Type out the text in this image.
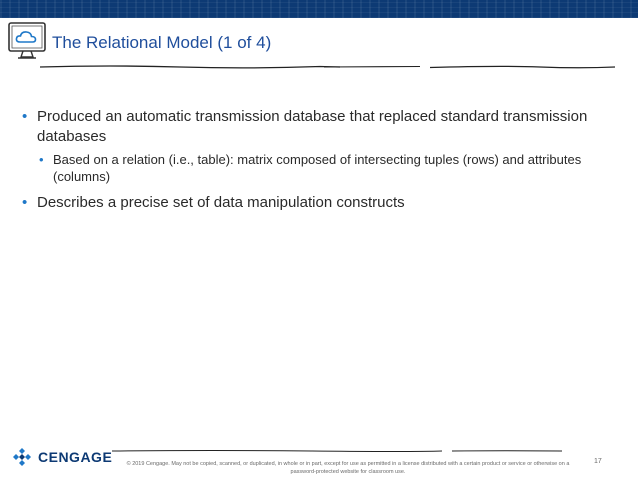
The Relational Model (1 of 4)
• Produced an automatic transmission database that replaced standard transmission databases
• Based on a relation (i.e., table): matrix composed of intersecting tuples (rows) and attributes (columns)
• Describes a precise set of data manipulation constructs
CENGAGE	© 2019 Cengage. May not be copied, scanned, or duplicated, in whole or in part, except for use as permitted in a license distributed with a certain product or service or otherwise on a password-protected website for classroom use.
17
